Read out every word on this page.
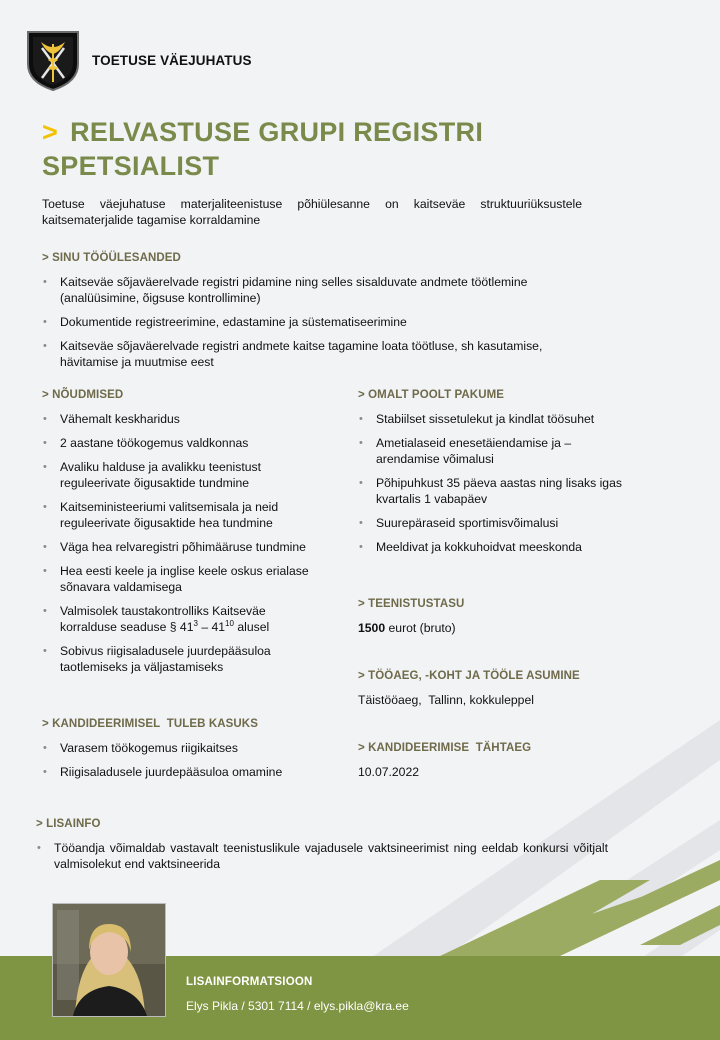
TOETUSE VÄEJUHATUS
> RELVASTUSE GRUPI REGISTRI SPETSIALIST
Toetuse väejuhatuse materjaliteenistuse põhiülesanne on kaitseväe struktuuriüksustele kaitsematerjalide tagamise korraldamine
> SINU TÖÖÜLESANDED
• Kaitseväe sõjaväerelvade registri pidamine ning selles sisalduvate andmete töötlemine (analüüsimine, õigsuse kontrollimine)
• Dokumentide registreerimine, edastamine ja süstematiseerimine
• Kaitseväe sõjaväerelvade registri andmete kaitse tagamine loata töötluse, sh kasutamise, hävitamise ja muutmise eest
> NÕUDMISED
• Vähemalt keskharidus
• 2 aastane töökogemus valdkonnas
• Avaliku halduse ja avalikku teenistust reguleerivate õigusaktide tundmine
• Kaitseministeeriumi valitsemisala ja neid reguleerivate õigusaktide hea tundmine
• Väga hea relvaregistri põhimääruse tundmine
• Hea eesti keele ja inglise keele oskus erialase sõnavara valdamisega
• Valmisolek taustakontrolliks Kaitseväe korralduse seaduse § $41^3 - 41^{10}$ alusel
• Sobivus riigisaladusele juurdepääsuloa taotlemiseks ja väljastamiseks
> KANDIDEERIMISEL  TULEB KASUKS
• Varasem töökogemus riigikaitses
• Riigisaladusele juurdepääsuloa omamine
> OMALT POOLT PAKUME
• Stabiilset sissetulekut ja kindlat töösuhet
• Ametialaseid enesetäiendamise ja – arendamise võimalusi
• Põhipuhkust 35 päeva aastas ning lisaks igas kvartalis 1 vabapäev
• Suurepäraseid sportimisvõimalusi
• Meeldivat ja kokkuhoidvat meeskonda
> TEENISTUSTASU
1500 eurot (bruto)
> TÖÖAEG, -KOHT JA TÖÖLE ASUMINE
Täistööaeg,  Tallinn, kokkuleppel
> KANDIDEERIMISE  TÄHTAEG
10.07.2022
> LISAINFO
• Tööandja võimaldab vastavalt teenistuslikule vajadusele vaktsineerimist ning eeldab konkursi võitjalt valmisolekut end vaktsineerida
LISAINFORMATSIOON
Elys Pikla / 5301 7114 / elys.pikla@kra.ee
